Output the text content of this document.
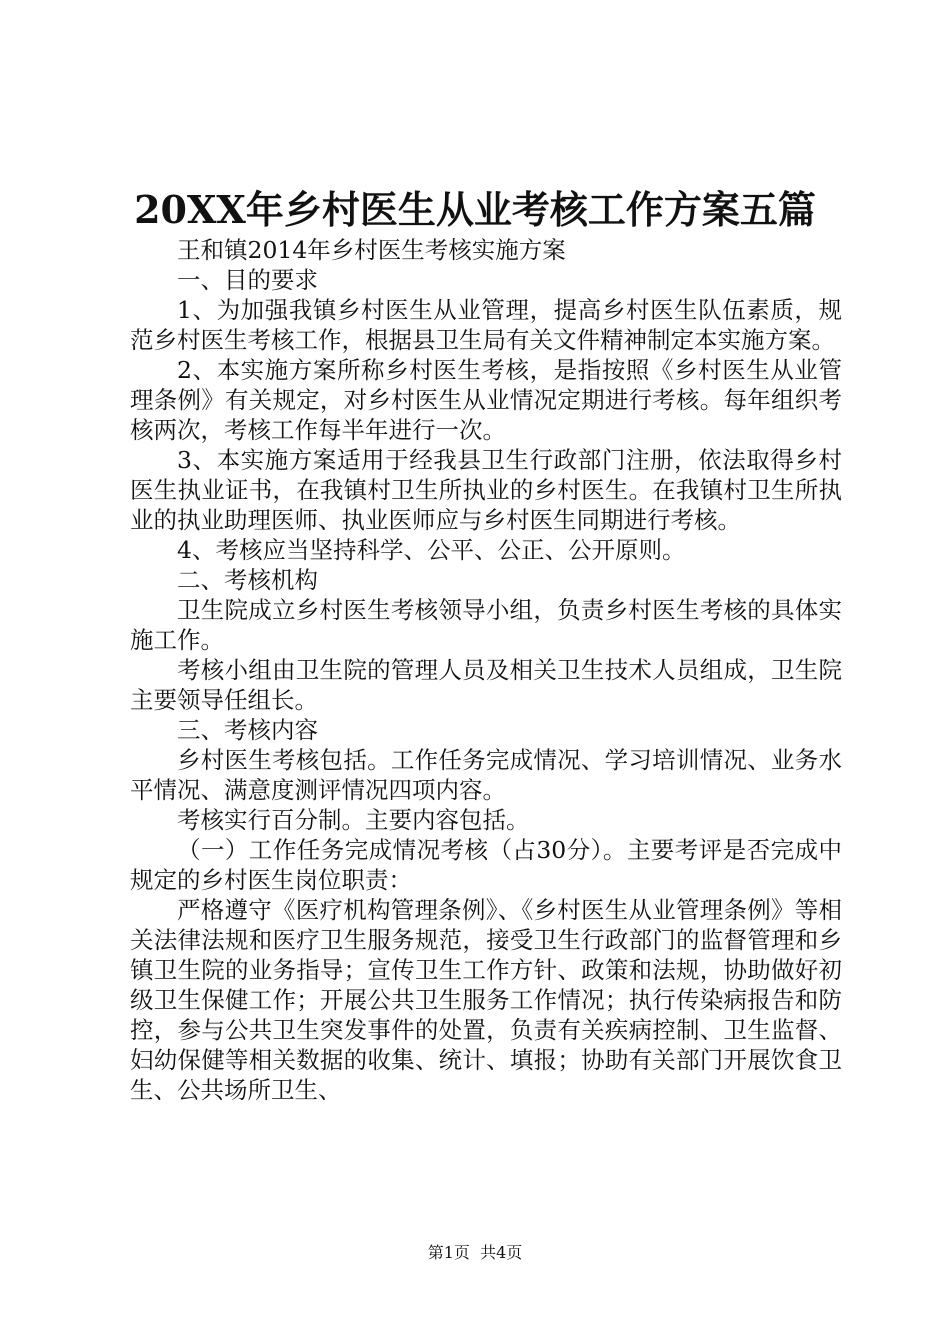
20XX年乡村医生从业考核工作方案五篇

王和镇2014年乡村医生考核实施方案

一、目的要求

1、为加强我镇乡村医生从业管理，提高乡村医生队伍素质，规范乡村医生考核工作，根据县卫生局有关文件精神制定本实施方案。

2、本实施方案所称乡村医生考核，是指按照《乡村医生从业管理条例》有关规定，对乡村医生从业情况定期进行考核。每年组织考核两次，考核工作每半年进行一次。

3、本实施方案适用于经我县卫生行政部门注册，依法取得乡村医生执业证书，在我镇村卫生所执业的乡村医生。在我镇村卫生所执业的执业助理医师、执业医师应与乡村医生同期进行考核。

4、考核应当坚持科学、公平、公正、公开原则。

二、考核机构

卫生院成立乡村医生考核领导小组，负责乡村医生考核的具体实施工作。

考核小组由卫生院的管理人员及相关卫生技术人员组成，卫生院主要领导任组长。

三、考核内容

乡村医生考核包括。工作任务完成情况、学习培训情况、业务水平情况、满意度测评情况四项内容。

考核实行百分制。主要内容包括。

（一）工作任务完成情况考核（占30分）。主要考评是否完成中规定的乡村医生岗位职责：

严格遵守《医疗机构管理条例》、《乡村医生从业管理条例》等相关法律法规和医疗卫生服务规范，接受卫生行政部门的监督管理和乡镇卫生院的业务指导；宣传卫生工作方针、政策和法规，协助做好初级卫生保健工作；开展公共卫生服务工作情况；执行传染病报告和防控，参与公共卫生突发事件的处置，负责有关疾病控制、卫生监督、妇幼保健等相关数据的收集、统计、填报；协助有关部门开展饮食卫生、公共场所卫生、

第1页  共4页
